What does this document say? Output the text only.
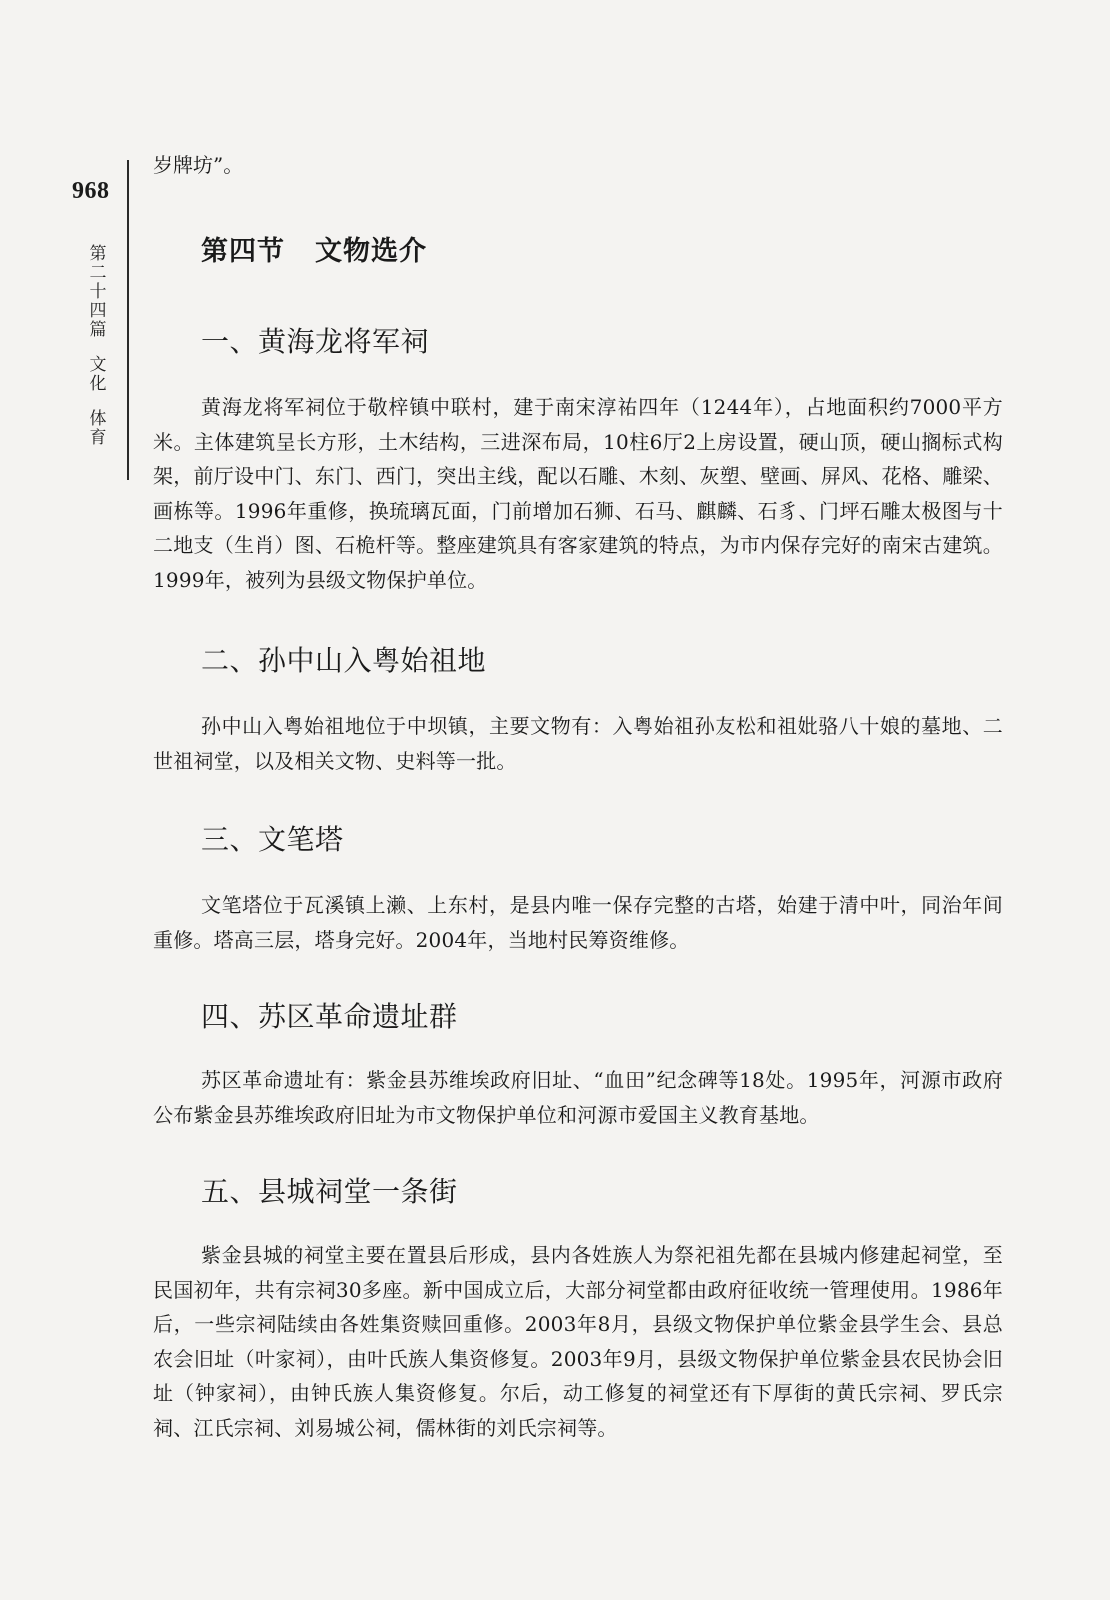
968
第
二
十
四
篇
文
化
体
育

岁牌坊”。

第四节 文物选介
一、黄海龙将军祠

黄海龙将军祠位于敬梓镇中联村，建于南宋淳祐四年（1244年），占地面积约7000平方米。主体建筑呈长方形，土木结构，三进深布局，10柱6厅2上房设置，硬山顶，硬山搁标式构架，前厅设中门、东门、西门，突出主线，配以石雕、木刻、灰塑、壁画、屏风、花格、雕梁、画栋等。1996年重修，换琉璃瓦面，门前增加石狮、石马、麒麟、石豸、门坪石雕太极图与十二地支（生肖）图、石桅杆等。整座建筑具有客家建筑的特点，为市内保存完好的南宋古建筑。1999年，被列为县级文物保护单位。

二、孙中山入粤始祖地

孙中山入粤始祖地位于中坝镇，主要文物有：入粤始祖孙友松和祖妣骆八十娘的墓地、二世祖祠堂，以及相关文物、史料等一批。

三、文笔塔

文笔塔位于瓦溪镇上濑、上东村，是县内唯一保存完整的古塔，始建于清中叶，同治年间重修。塔高三层，塔身完好。2004年，当地村民筹资维修。

四、苏区革命遗址群

苏区革命遗址有：紫金县苏维埃政府旧址、“血田”纪念碑等18处。1995年，河源市政府公布紫金县苏维埃政府旧址为市文物保护单位和河源市爱国主义教育基地。

五、县城祠堂一条街

紫金县城的祠堂主要在置县后形成，县内各姓族人为祭祀祖先都在县城内修建起祠堂，至民国初年，共有宗祠30多座。新中国成立后，大部分祠堂都由政府征收统一管理使用。1986年后，一些宗祠陆续由各姓集资赎回重修。2003年8月，县级文物保护单位紫金县学生会、县总农会旧址（叶家祠），由叶氏族人集资修复。2003年9月，县级文物保护单位紫金县农民协会旧址（钟家祠），由钟氏族人集资修复。尔后，动工修复的祠堂还有下厚街的黄氏宗祠、罗氏宗祠、江氏宗祠、刘易城公祠，儒林街的刘氏宗祠等。
